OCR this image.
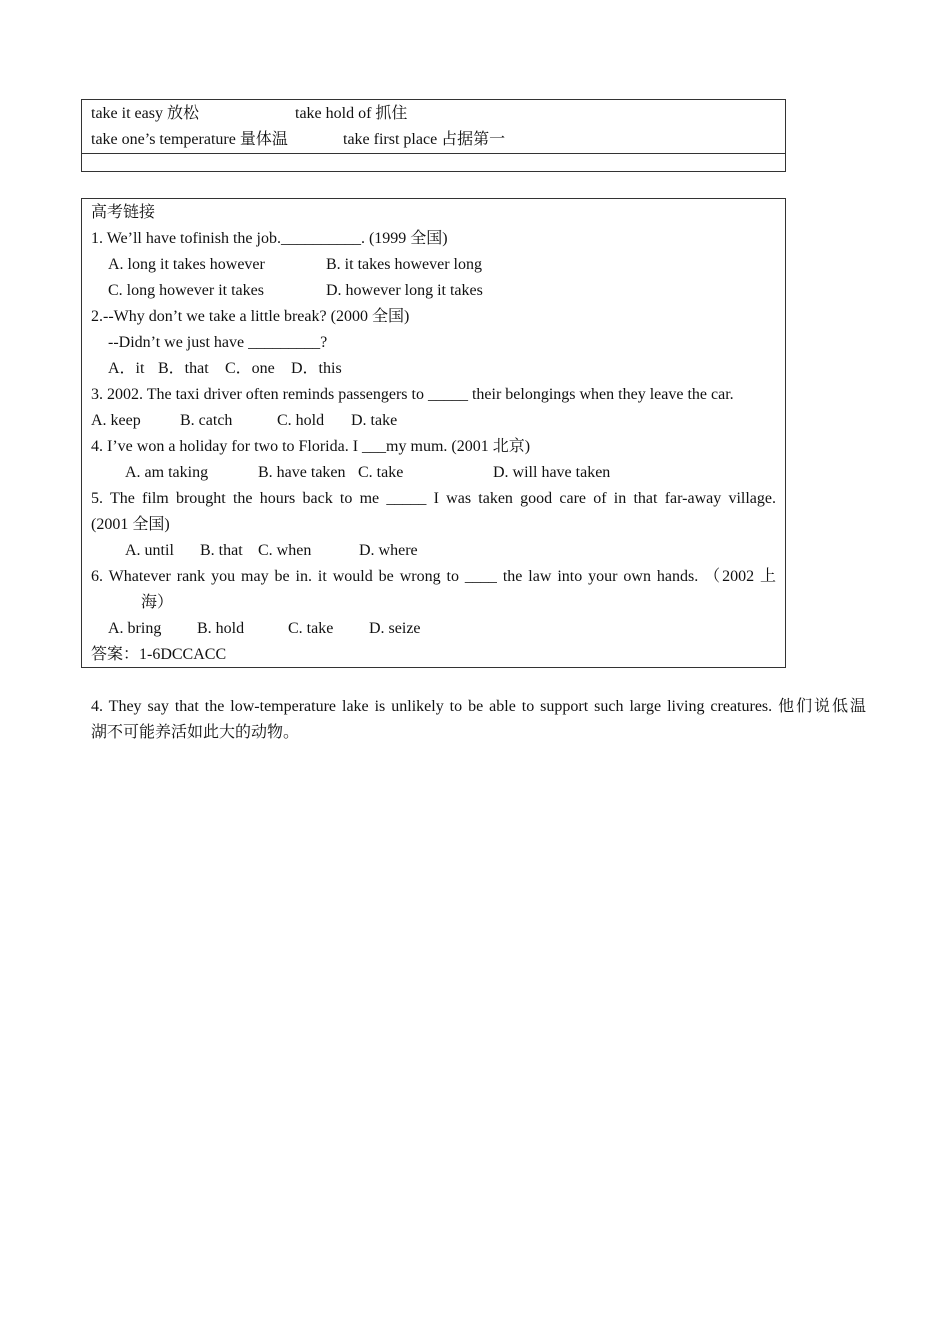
take it easy 放松	take hold of 抓住
take one’s temperature 量体温	take first place 占据第一
高考链接
1. We’ll have tofinish the job.__________. (1999 全国)
A. long it takes however	B. it takes however long
C. long however it takes	D. however long it takes
2.--Why don’t we take a little break? (2000 全国)
--Didn’t we just have _________?
A．it B．that C．one D．this
3. 2002. The taxi driver often reminds passengers to _____ their belongings when they leave the car.
A. keep B. catch	C. hold D. take
4. I’ve won a holiday for two to Florida. I ___my mum. (2001 北京)
A. am taking	B. have taken C. take	D. will have taken
5. The film brought the hours back to me _____ I was taken good care of in that far-away village.
(2001 全国)
A. until B. that C. when	D. where
6. Whatever rank you may be in. it would be wrong to ____ the law into your own hands. （2002 上
海）
A. bring B. hold	C. take D. seize
答案：1-6DCCACC
4. They say that the low-temperature lake is unlikely to be able to support such large living creatures. 他们说低温
湖不可能养活如此大的动物。
